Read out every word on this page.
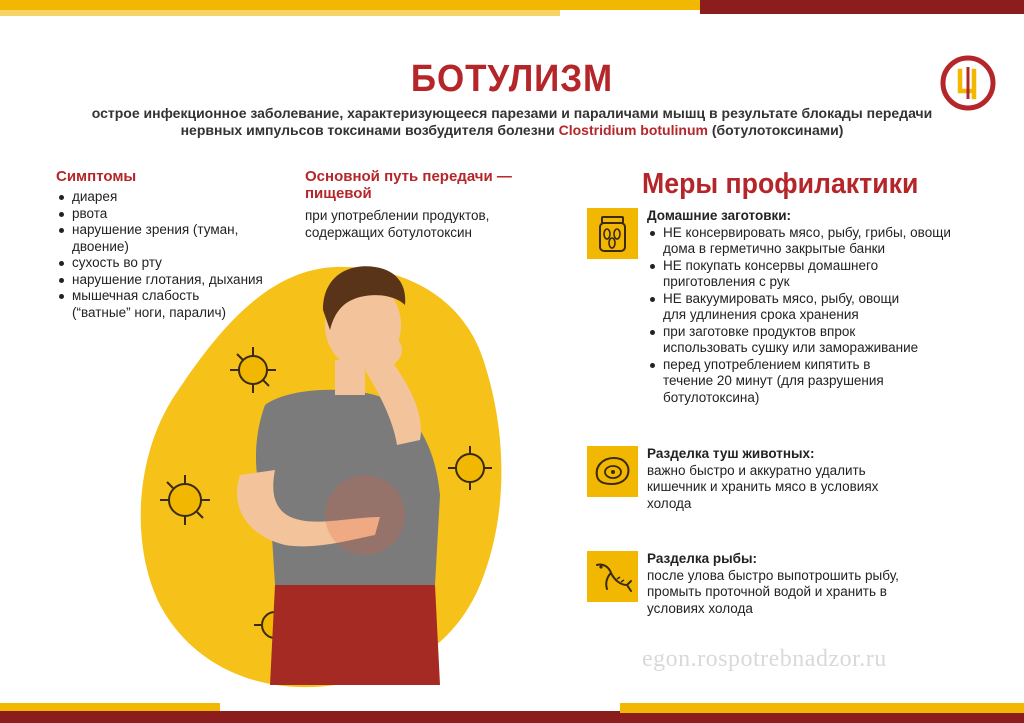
БОТУЛИЗМ
острое инфекционное заболевание, характеризующееся парезами и параличами мышц в результате блокады передачи нервных импульсов токсинами возбудителя болезни Clostridium botulinum (ботулотоксинами)
Симптомы
диарея
рвота
нарушение зрения (туман, двоение)
сухость во рту
нарушение глотания, дыхания
мышечная слабость (“ватные” ноги, паралич)
Основной путь передачи — пищевой
при употреблении продуктов, содержащих ботулотоксин
Меры профилактики
Домашние заготовки:
НЕ консервировать мясо, рыбу, грибы, овощи дома в герметично закрытые банки
НЕ покупать консервы домашнего приготовления с рук
НЕ вакуумировать мясо, рыбу, овощи для удлинения срока хранения
при заготовке продуктов впрок использовать сушку или замораживание
перед употреблением кипятить в течение 20 минут (для разрушения ботулотоксина)
Разделка туш животных:
важно быстро и аккуратно удалить кишечник и хранить мясо в условиях холода
Разделка рыбы:
после улова быстро выпотрошить рыбу, промыть проточной водой и хранить в условиях холода
egon.rospotrebnadzor.ru
